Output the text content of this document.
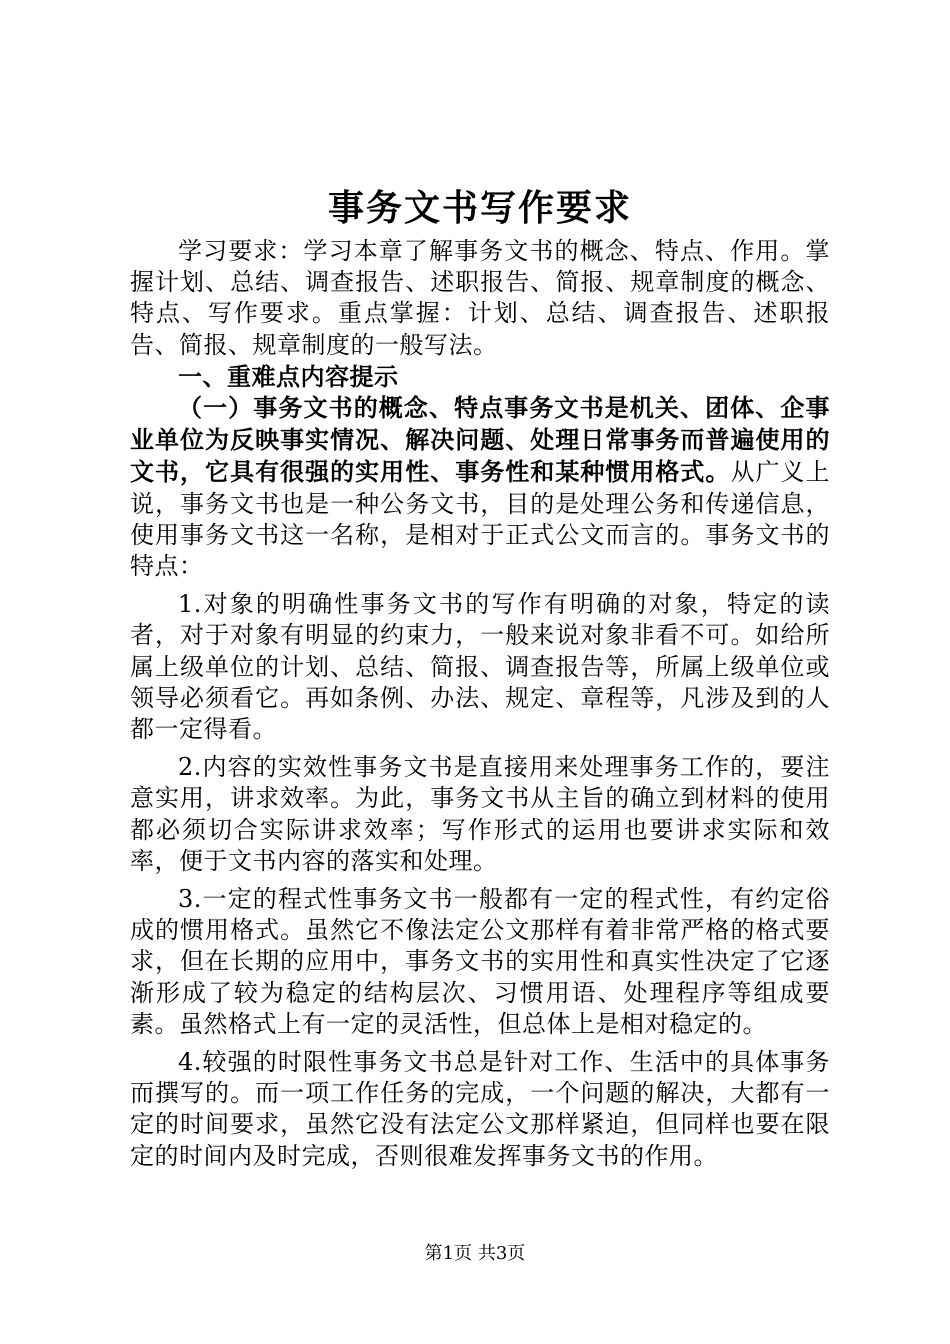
事务文书写作要求

学习要求：学习本章了解事务文书的概念、特点、作用。掌握计划、总结、调查报告、述职报告、简报、规章制度的概念、特点、写作要求。重点掌握：计划、总结、调查报告、述职报告、简报、规章制度的一般写法。

一、重难点内容提示

（一）事务文书的概念、特点事务文书是机关、团体、企事业单位为反映事实情况、解决问题、处理日常事务而普遍使用的文书，它具有很强的实用性、事务性和某种惯用格式。从广义上说，事务文书也是一种公务文书，目的是处理公务和传递信息，使用事务文书这一名称，是相对于正式公文而言的。事务文书的特点：

1.对象的明确性事务文书的写作有明确的对象，特定的读者，对于对象有明显的约束力，一般来说对象非看不可。如给所属上级单位的计划、总结、简报、调查报告等，所属上级单位或领导必须看它。再如条例、办法、规定、章程等，凡涉及到的人都一定得看。

2.内容的实效性事务文书是直接用来处理事务工作的，要注意实用，讲求效率。为此，事务文书从主旨的确立到材料的使用都必须切合实际讲求效率；写作形式的运用也要讲求实际和效率，便于文书内容的落实和处理。

3.一定的程式性事务文书一般都有一定的程式性，有约定俗成的惯用格式。虽然它不像法定公文那样有着非常严格的格式要求，但在长期的应用中，事务文书的实用性和真实性决定了它逐渐形成了较为稳定的结构层次、习惯用语、处理程序等组成要素。虽然格式上有一定的灵活性，但总体上是相对稳定的。

4.较强的时限性事务文书总是针对工作、生活中的具体事务而撰写的。而一项工作任务的完成，一个问题的解决，大都有一定的时间要求，虽然它没有法定公文那样紧迫，但同样也要在限定的时间内及时完成，否则很难发挥事务文书的作用。

第1页 共3页
